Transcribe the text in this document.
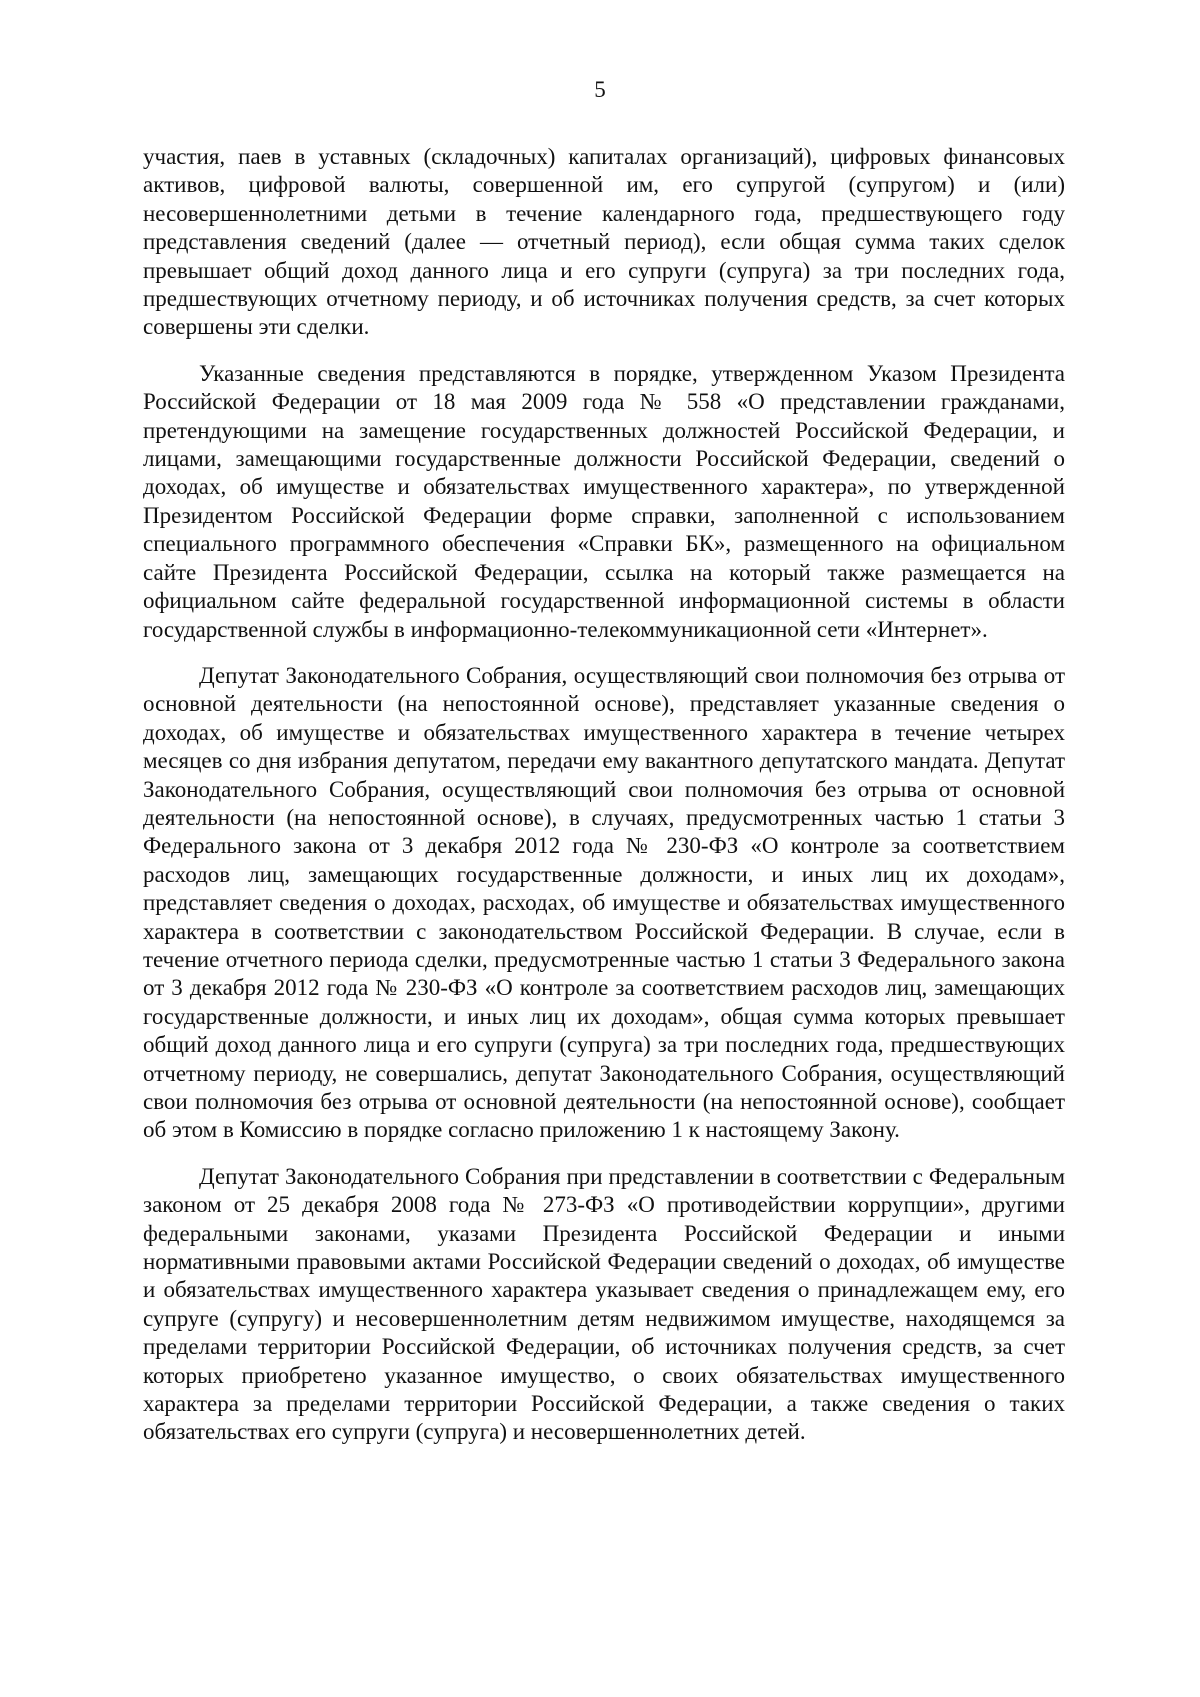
5

участия, паев в уставных (складочных) капиталах организаций), цифровых финансовых активов, цифровой валюты, совершенной им, его супругой (супругом) и (или) несовершеннолетними детьми в течение календарного года, предшествующего году представления сведений (далее — отчетный период), если общая сумма таких сделок превышает общий доход данного лица и его супруги (супруга) за три последних года, предшествующих отчетному периоду, и об источниках получения средств, за счет которых совершены эти сделки.

Указанные сведения представляются в порядке, утвержденном Указом Президента Российской Федерации от 18 мая 2009 года № 558 «О представлении гражданами, претендующими на замещение государственных должностей Российской Федерации, и лицами, замещающими государственные должности Российской Федерации, сведений о доходах, об имуществе и обязательствах имущественного характера», по утвержденной Президентом Российской Федерации форме справки, заполненной с использованием специального программного обеспечения «Справки БК», размещенного на официальном сайте Президента Российской Федерации, ссылка на который также размещается на официальном сайте федеральной государственной информационной системы в области государственной службы в информационно-телекоммуникационной сети «Интернет».

Депутат Законодательного Собрания, осуществляющий свои полномочия без отрыва от основной деятельности (на непостоянной основе), представляет указанные сведения о доходах, об имуществе и обязательствах имущественного характера в течение четырех месяцев со дня избрания депутатом, передачи ему вакантного депутатского мандата. Депутат Законодательного Собрания, осуществляющий свои полномочия без отрыва от основной деятельности (на непостоянной основе), в случаях, предусмотренных частью 1 статьи 3 Федерального закона от 3 декабря 2012 года № 230-ФЗ «О контроле за соответствием расходов лиц, замещающих государственные должности, и иных лиц их доходам», представляет сведения о доходах, расходах, об имуществе и обязательствах имущественного характера в соответствии с законодательством Российской Федерации. В случае, если в течение отчетного периода сделки, предусмотренные частью 1 статьи 3 Федерального закона от 3 декабря 2012 года № 230-ФЗ «О контроле за соответствием расходов лиц, замещающих государственные должности, и иных лиц их доходам», общая сумма которых превышает общий доход данного лица и его супруги (супруга) за три последних года, предшествующих отчетному периоду, не совершались, депутат Законодательного Собрания, осуществляющий свои полномочия без отрыва от основной деятельности (на непостоянной основе), сообщает об этом в Комиссию в порядке согласно приложению 1 к настоящему Закону.

Депутат Законодательного Собрания при представлении в соответствии с Федеральным законом от 25 декабря 2008 года № 273-ФЗ «О противодействии коррупции», другими федеральными законами, указами Президента Российской Федерации и иными нормативными правовыми актами Российской Федерации сведений о доходах, об имуществе и обязательствах имущественного характера указывает сведения о принадлежащем ему, его супруге (супругу) и несовершеннолетним детям недвижимом имуществе, находящемся за пределами территории Российской Федерации, об источниках получения средств, за счет которых приобретено указанное имущество, о своих обязательствах имущественного характера за пределами территории Российской Федерации, а также сведения о таких обязательствах его супруги (супруга) и несовершеннолетних детей.
